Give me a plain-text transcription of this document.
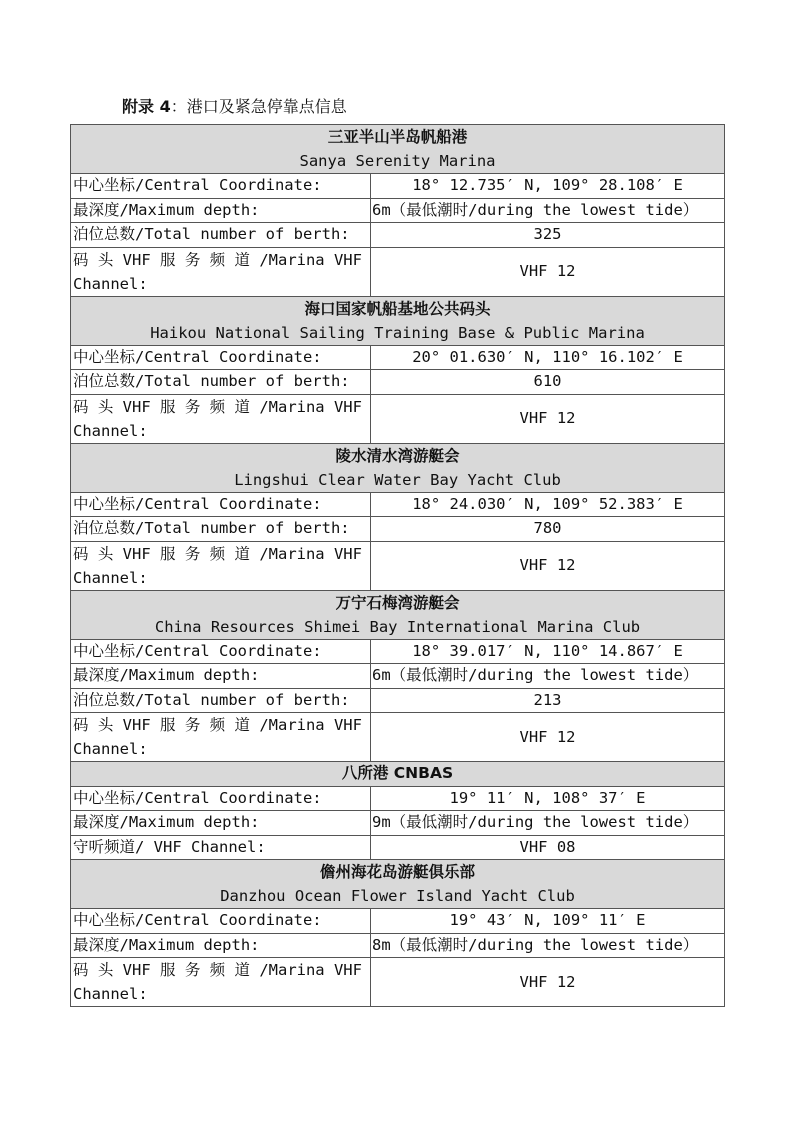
附录 4：港口及紧急停靠点信息
三亚半山半岛帆船港
Sanya Serenity Marina	

中心坐标/Central Coordinate:	18° 12.735′ N, 109° 28.108′ E
最深度/Maximum depth:	6m（最低潮时/during the lowest tide）
泊位总数/Total number of berth:	325
码 头 VHF 服 务 频 道 /Marina VHF Channel:	VHF 12
海口国家帆船基地公共码头
Haikou National Sailing Training Base & Public Marina	

中心坐标/Central Coordinate:	20° 01.630′ N, 110° 16.102′ E
泊位总数/Total number of berth:	610
码 头 VHF 服 务 频 道 /Marina VHF Channel:	VHF 12
陵水清水湾游艇会
Lingshui Clear Water Bay Yacht Club	

中心坐标/Central Coordinate:	18° 24.030′ N, 109° 52.383′ E
泊位总数/Total number of berth:	780
码 头 VHF 服 务 频 道 /Marina VHF Channel:	VHF 12
万宁石梅湾游艇会
China Resources Shimei Bay International Marina Club	

中心坐标/Central Coordinate:	18° 39.017′ N, 110° 14.867′ E
最深度/Maximum depth:	6m（最低潮时/during the lowest tide）
泊位总数/Total number of berth:	213
码 头 VHF 服 务 频 道 /Marina VHF Channel:	VHF 12
八所港 CNBAS	
中心坐标/Central Coordinate:	19° 11′ N, 108° 37′ E
最深度/Maximum depth:	9m（最低潮时/during the lowest tide）
守听频道/ VHF Channel:	VHF 08
儋州海花岛游艇俱乐部
Danzhou Ocean Flower Island Yacht Club	

中心坐标/Central Coordinate:	19° 43′ N, 109° 11′ E
最深度/Maximum depth:	8m（最低潮时/during the lowest tide）
码 头 VHF 服 务 频 道 /Marina VHF Channel:	VHF 12
